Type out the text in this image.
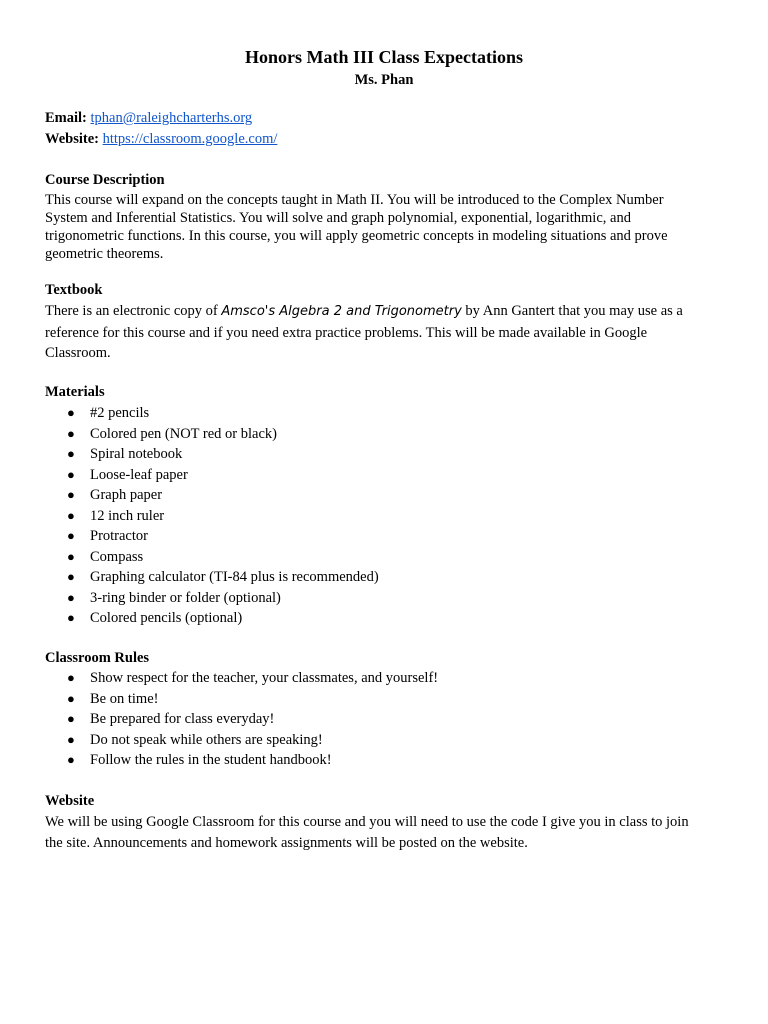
Honors Math III Class Expectations
Ms. Phan
Email: tphan@raleighcharterhs.org
Website: https://classroom.google.com/
Course Description
This course will expand on the concepts taught in Math II. You will be introduced to the Complex Number
System and Inferential Statistics. You will solve and graph polynomial, exponential, logarithmic, and
trigonometric functions. In this course, you will apply geometric concepts in modeling situations and prove
geometric theorems.
Textbook
There is an electronic copy of Amsco's Algebra 2 and Trigonometry by Ann Gantert that you may use as a
reference for this course and if you need extra practice problems. This will be made available in Google
Classroom.
Materials
● #2 pencils
● Colored pen (NOT red or black)
● Spiral notebook
● Loose-leaf paper
● Graph paper
● 12 inch ruler
● Protractor
● Compass
● Graphing calculator (TI-84 plus is recommended)
● 3-ring binder or folder (optional)
● Colored pencils (optional)
Classroom Rules
● Show respect for the teacher, your classmates, and yourself!
● Be on time!
● Be prepared for class everyday!
● Do not speak while others are speaking!
● Follow the rules in the student handbook!
Website
We will be using Google Classroom for this course and you will need to use the code I give you in class to join
the site. Announcements and homework assignments will be posted on the website.
